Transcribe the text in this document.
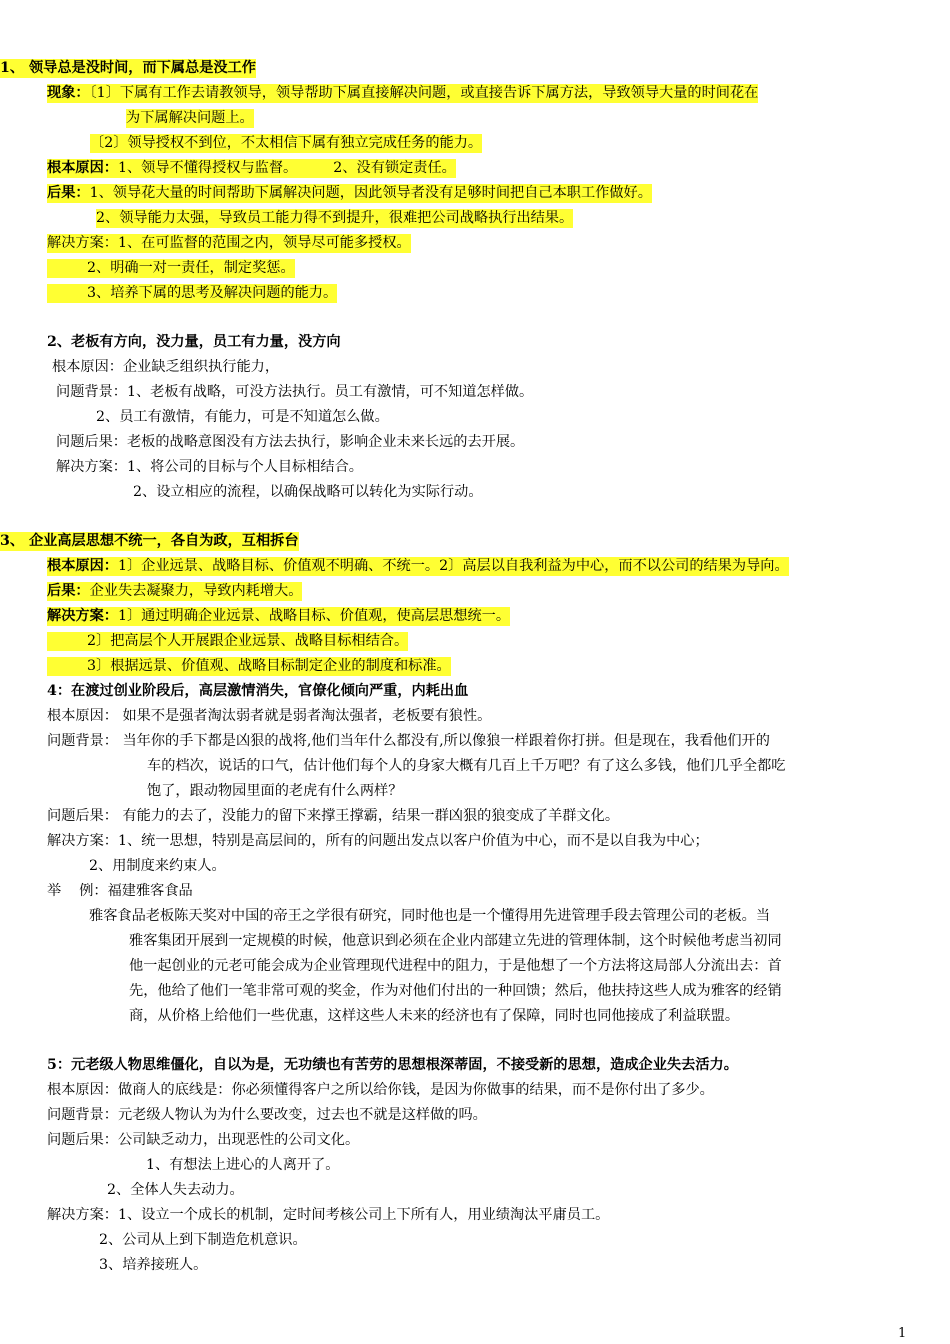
1、 领导总是没时间，而下属总是没工作
现象：〔1〕下属有工作去请教领导，领导帮助下属直接解决问题，或直接告诉下属方法，导致领导大量的时间花在
为下属解决问题上。
〔2〕领导授权不到位，不太相信下属有独立完成任务的能力。
根本原因：1、领导不懂得授权与监督。        2、没有锁定责任。
后果：1、领导花大量的时间帮助下属解决问题，因此领导者没有足够时间把自己本职工作做好。
2、领导能力太强，导致员工能力得不到提升，很难把公司战略执行出结果。
解决方案：1、在可监督的范围之内，领导尽可能多授权。
2、明确一对一责任，制定奖惩。
3、培养下属的思考及解决问题的能力。
2、老板有方向，没力量，员工有力量，没方向
根本原因：企业缺乏组织执行能力，
问题背景：1、老板有战略，可没方法执行。员工有激情，可不知道怎样做。
2、员工有激情，有能力，可是不知道怎么做。
问题后果：老板的战略意图没有方法去执行，影响企业未来长远的去开展。
解决方案：1、将公司的目标与个人目标相结合。
2、设立相应的流程，以确保战略可以转化为实际行动。
3、 企业高层思想不统一，各自为政，互相拆台
根本原因：1〕企业远景、战略目标、价值观不明确、不统一。2〕高层以自我利益为中心，而不以公司的结果为导向。
后果：企业失去凝聚力，导致内耗增大。
解决方案：1〕通过明确企业远景、战略目标、价值观，使高层思想统一。
2〕把高层个人开展跟企业远景、战略目标相结合。
3〕根据远景、价值观、战略目标制定企业的制度和标准。
4：在渡过创业阶段后，高层激情消失，官僚化倾向严重，内耗出血
根本原因： 如果不是强者淘汰弱者就是弱者淘汰强者，老板要有狼性。
问题背景： 当年你的手下都是凶狠的战将,他们当年什么都没有,所以像狼一样跟着你打拼。但是现在，我看他们开的
车的档次，说话的口气，估计他们每个人的身家大概有几百上千万吧？有了这么多钱，他们几乎全都吃
饱了，跟动物园里面的老虎有什么两样？
问题后果： 有能力的去了，没能力的留下来撑王撑霸，结果一群凶狠的狼变成了羊群文化。
解决方案：1、统一思想，特别是高层间的，所有的问题出发点以客户价值为中心，而不是以自我为中心；
2、用制度来约束人。
举    例：福建雅客食品
雅客食品老板陈天奖对中国的帝王之学很有研究，同时他也是一个懂得用先进管理手段去管理公司的老板。当
雅客集团开展到一定规模的时候，他意识到必须在企业内部建立先进的管理体制，这个时候他考虑当初同
他一起创业的元老可能会成为企业管理现代进程中的阻力，于是他想了一个方法将这局部人分流出去：首
先，他给了他们一笔非常可观的奖金，作为对他们付出的一种回馈；然后，他扶持这些人成为雅客的经销
商，从价格上给他们一些优惠，这样这些人未来的经济也有了保障，同时也同他接成了利益联盟。
5：元老级人物思维僵化，自以为是，无功绩也有苦劳的思想根深蒂固，不接受新的思想，造成企业失去活力。
根本原因：做商人的底线是：你必须懂得客户之所以给你钱，是因为你做事的结果，而不是你付出了多少。
问题背景：元老级人物认为为什么要改变，过去也不就是这样做的吗。
问题后果：公司缺乏动力，出现恶性的公司文化。
1、有想法上进心的人离开了。
2、全体人失去动力。
解决方案：1、设立一个成长的机制，定时间考核公司上下所有人，用业绩淘汰平庸员工。
2、公司从上到下制造危机意识。
3、培养接班人。
1
